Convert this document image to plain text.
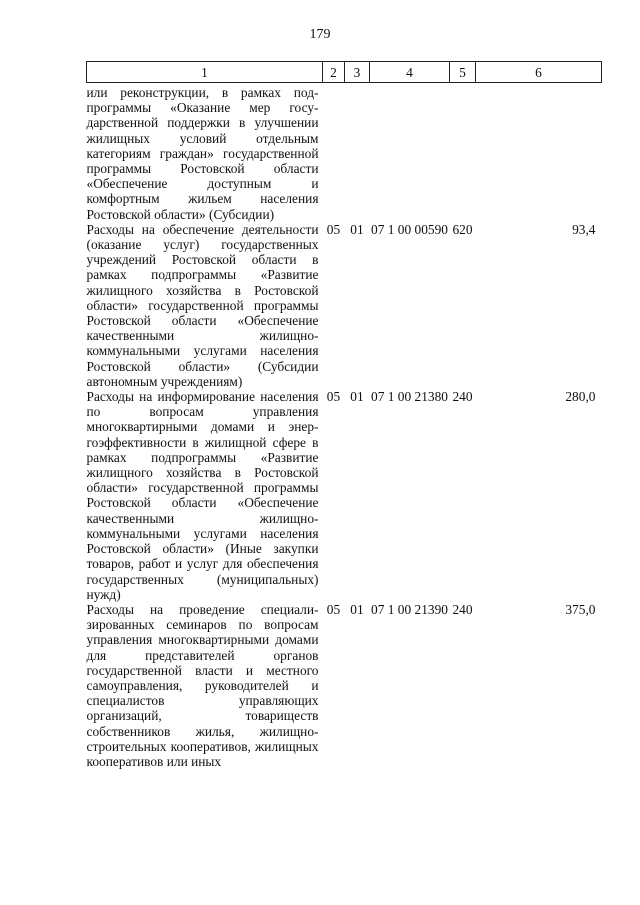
179
1	2	3	4	5	6
или реконструкции, в рамках подпрограммы «Оказание мер государственной поддержки в улучшении жилищных условий отдельным категориям граждан» государственной программы Ростовской области «Обеспечение доступным и комфортным жильем населения Ростовской области» (Субсидии)					
Расходы на обеспечение деятельности (оказание услуг) государственных учреждений Ростовской области в рамках подпрограммы «Развитие жилищного хозяйства в Ростовской области» государственной программы Ростовской области «Обеспечение качественными жилищно-коммунальными услугами населения Ростовской области» (Субсидии автономным учреждениям)	05	01	07 1 00 00590	620	93,4
Расходы на информирование населения по вопросам управления многоквартирными домами и энергоэффективности в жилищной сфере в рамках подпрограммы «Развитие жилищного хозяйства в Ростовской области» государственной программы Ростовской области «Обеспечение качественными жилищно-коммунальными услугами населения Ростовской области» (Иные закупки товаров, работ и услуг для обеспечения государственных (муниципальных) нужд)	05	01	07 1 00 21380	240	280,0
Расходы на проведение специализированных семинаров по вопросам управления многоквартирными домами для представителей органов государственной власти и местного самоуправления, руководителей и специалистов управляющих организаций, товариществ собственников жилья, жилищностроительных кооперативов, жилищных кооперативов или иных	05	01	07 1 00 21390	240	375,0
